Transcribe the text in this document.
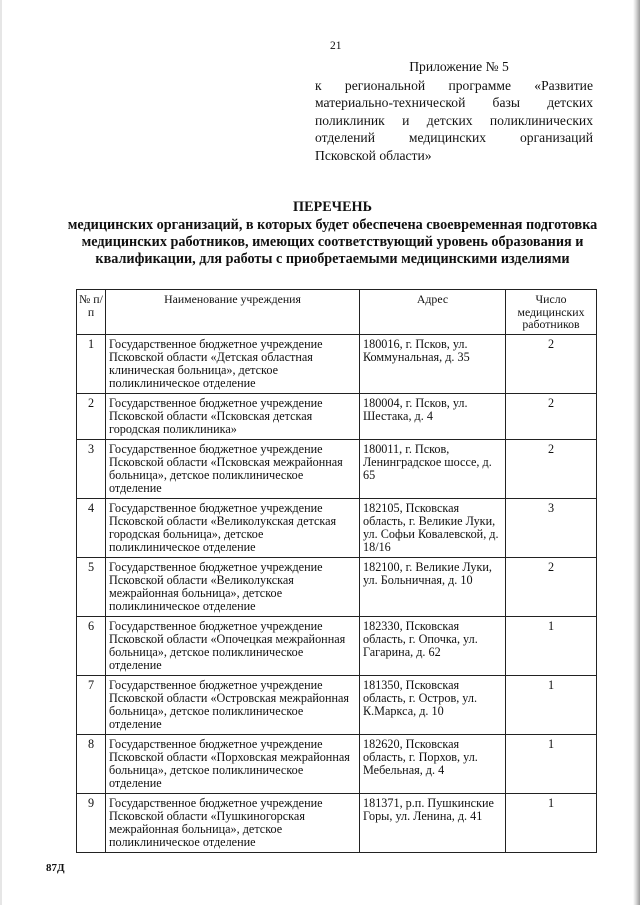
21
Приложение № 5
к региональной программе «Развитие материально-технической базы детских поликлиник и детских поликлинических отделений медицинских организаций Псковской области»
ПЕРЕЧЕНЬ
медицинских организаций, в которых будет обеспечена своевременная подготовка медицинских работников, имеющих соответствующий уровень образования и квалификации, для работы с приобретаемыми медицинскими изделиями
№ п/п	Наименование учреждения	Адрес	Число медицинских работников
1	Государственное бюджетное учреждение Псковской области «Детская областная клиническая больница», детское поликлиническое отделение	180016, г. Псков, ул. Коммунальная, д. 35	2
2	Государственное бюджетное учреждение Псковской области «Псковская детская городская поликлиника»	180004, г. Псков, ул. Шестака, д. 4	2
3	Государственное бюджетное учреждение Псковской области «Псковская межрайонная больница», детское поликлиническое отделение	180011, г. Псков, Ленинградское шоссе, д. 65	2
4	Государственное бюджетное учреждение Псковской области «Великолукская детская городская больница», детское поликлиническое отделение	182105, Псковская область, г. Великие Луки, ул. Софьи Ковалевской, д. 18/16	3
5	Государственное бюджетное учреждение Псковской области «Великолукская межрайонная больница», детское поликлиническое отделение	182100, г. Великие Луки, ул. Больничная, д. 10	2
6	Государственное бюджетное учреждение Псковской области «Опочецкая межрайонная больница», детское поликлиническое отделение	182330, Псковская область, г. Опочка, ул. Гагарина, д. 62	1
7	Государственное бюджетное учреждение Псковской области «Островская межрайонная больница», детское поликлиническое отделение	181350, Псковская область, г. Остров, ул. К.Маркса, д. 10	1
8	Государственное бюджетное учреждение Псковской области «Порховская межрайонная больница», детское поликлиническое отделение	182620, Псковская область, г. Порхов, ул. Мебельная, д. 4	1
9	Государственное бюджетное учреждение Псковской области «Пушкиногорская межрайонная больница», детское поликлиническое отделение	181371, р.п. Пушкинские Горы, ул. Ленина, д. 41	1
87Д
